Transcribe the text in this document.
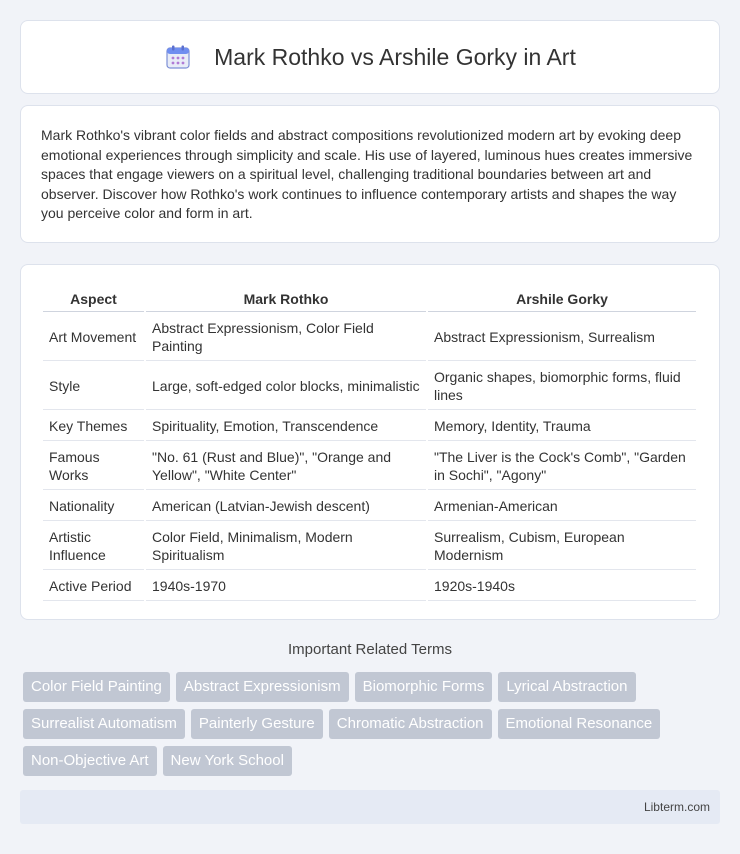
Mark Rothko vs Arshile Gorky in Art

Mark Rothko's vibrant color fields and abstract compositions revolutionized modern art by evoking deep emotional experiences through simplicity and scale. His use of layered, luminous hues creates immersive spaces that engage viewers on a spiritual level, challenging traditional boundaries between art and observer. Discover how Rothko's work continues to influence contemporary artists and shapes the way you perceive color and form in art.

Aspect	Mark Rothko	Arshile Gorky
Art Movement	Abstract Expressionism, Color Field Painting	Abstract Expressionism, Surrealism
Style	Large, soft-edged color blocks, minimalistic	Organic shapes, biomorphic forms, fluid lines
Key Themes	Spirituality, Emotion, Transcendence	Memory, Identity, Trauma
Famous Works	"No. 61 (Rust and Blue)", "Orange and Yellow", "White Center"	"The Liver is the Cock's Comb", "Garden in Sochi", "Agony"
Nationality	American (Latvian-Jewish descent)	Armenian-American
Artistic Influence	Color Field, Minimalism, Modern Spiritualism	Surrealism, Cubism, European Modernism
Active Period	1940s-1970	1920s-1940s
Important Related Terms
Color Field Painting	Abstract Expressionism	Biomorphic Forms	Lyrical Abstraction
Surrealist Automatism	Painterly Gesture	Chromatic Abstraction	Emotional Resonance
Non-Objective Art	New York School
Libterm.com
